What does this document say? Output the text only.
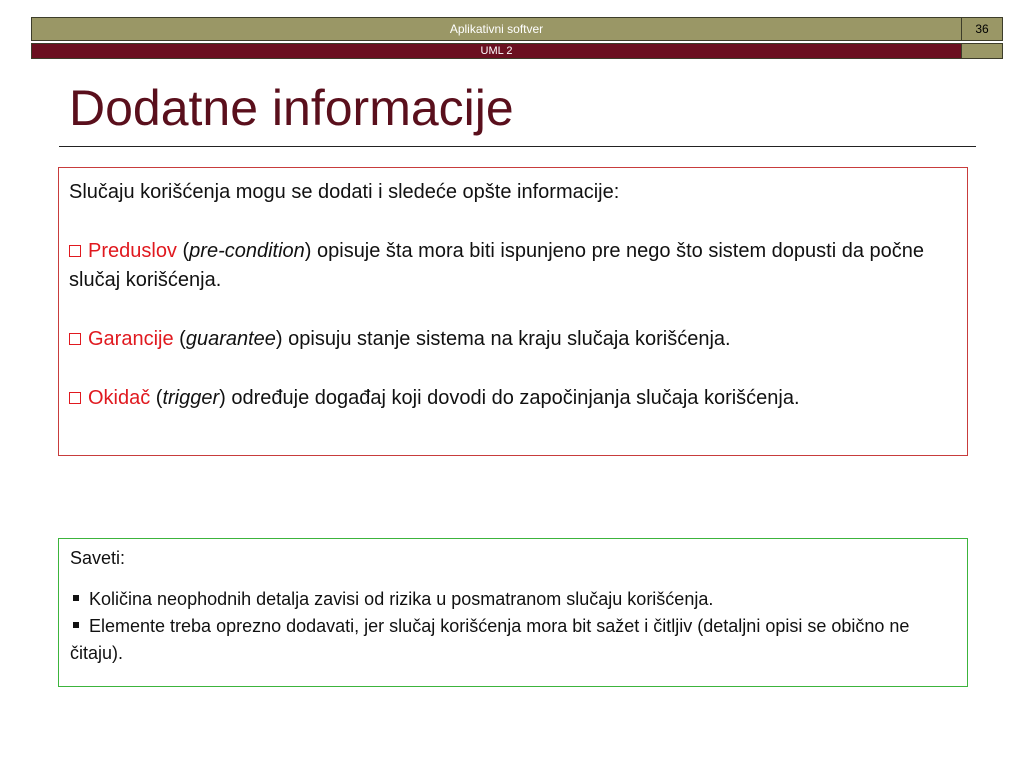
Aplikativni softver	36
UML 2
Dodatne informacije

Slučaju korišćenja mogu se dodati i sledeće opšte informacije:

Preduslov (pre-condition) opisuje šta mora biti ispunjeno pre nego što sistem dopusti da počne slučaj korišćenja.

Garancije (guarantee) opisuju stanje sistema na kraju slučaja korišćenja.

Okidač (trigger) određuje događaj koji dovodi do započinjanja slučaja korišćenja.

Saveti:

Količina neophodnih detalja zavisi od rizika u posmatranom slučaju korišćenja.

Elemente treba oprezno dodavati, jer slučaj korišćenja mora bit sažet i čitljiv (detaljni opisi se obično ne čitaju).
